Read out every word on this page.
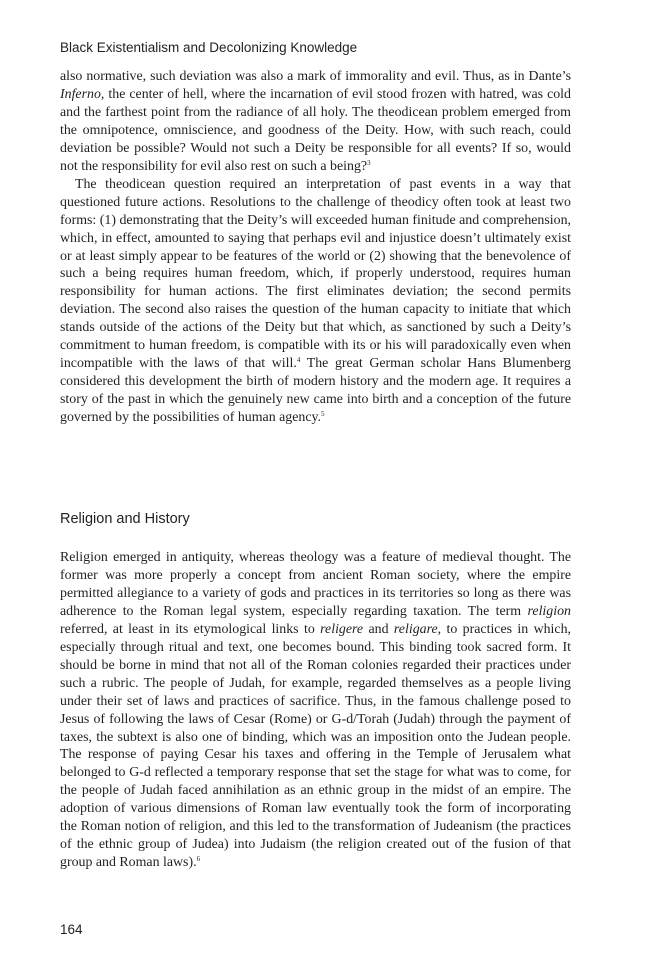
Black Existentialism and Decolonizing Knowledge

also normative, such deviation was also a mark of immorality and evil. Thus, as in Dante’s Inferno, the center of hell, where the incarnation of evil stood frozen with hatred, was cold and the farthest point from the radiance of all holy. The theodicean problem emerged from the omnipotence, omniscience, and goodness of the Deity. How, with such reach, could deviation be possible? Would not such a Deity be responsible for all events? If so, would not the responsibility for evil also rest on such a being?$^3$

The theodicean question required an interpretation of past events in a way that questioned future actions. Resolutions to the challenge of theodicy often took at least two forms: (1) demonstrating that the Deity’s will exceeded human finitude and comprehension, which, in effect, amounted to saying that perhaps evil and injustice doesn’t ultimately exist or at least simply appear to be features of the world or (2) showing that the benevolence of such a being requires human freedom, which, if properly understood, requires human responsibility for human actions. The first eliminates deviation; the second permits deviation. The second also raises the question of the human capacity to initiate that which stands outside of the actions of the Deity but that which, as sanctioned by such a Deity’s commitment to human freedom, is compatible with its or his will paradoxically even when incompatible with the laws of that will.$^4$ The great German scholar Hans Blumenberg considered this development the birth of modern history and the modern age. It requires a story of the past in which the genuinely new came into birth and a conception of the future governed by the possibilities of human agency.$^5$

Religion and History

Religion emerged in antiquity, whereas theology was a feature of medieval thought. The former was more properly a concept from ancient Roman society, where the empire permitted allegiance to a variety of gods and practices in its territories so long as there was adherence to the Roman legal system, especially regarding taxation. The term religion referred, at least in its etymological links to religere and religare, to practices in which, especially through ritual and text, one becomes bound. This binding took sacred form. It should be borne in mind that not all of the Roman colonies regarded their practices under such a rubric. The people of Judah, for example, regarded themselves as a people living under their set of laws and practices of sacrifice. Thus, in the famous challenge posed to Jesus of following the laws of Cesar (Rome) or G-d/Torah (Judah) through the payment of taxes, the subtext is also one of binding, which was an imposition onto the Judean people. The response of paying Cesar his taxes and offering in the Temple of Jerusalem what belonged to G-d reflected a temporary response that set the stage for what was to come, for the people of Judah faced annihilation as an ethnic group in the midst of an empire. The adoption of various dimensions of Roman law eventually took the form of incorporating the Roman notion of religion, and this led to the transformation of Judeanism (the practices of the ethnic group of Judea) into Judaism (the religion created out of the fusion of that group and Roman laws).$^6$

164
